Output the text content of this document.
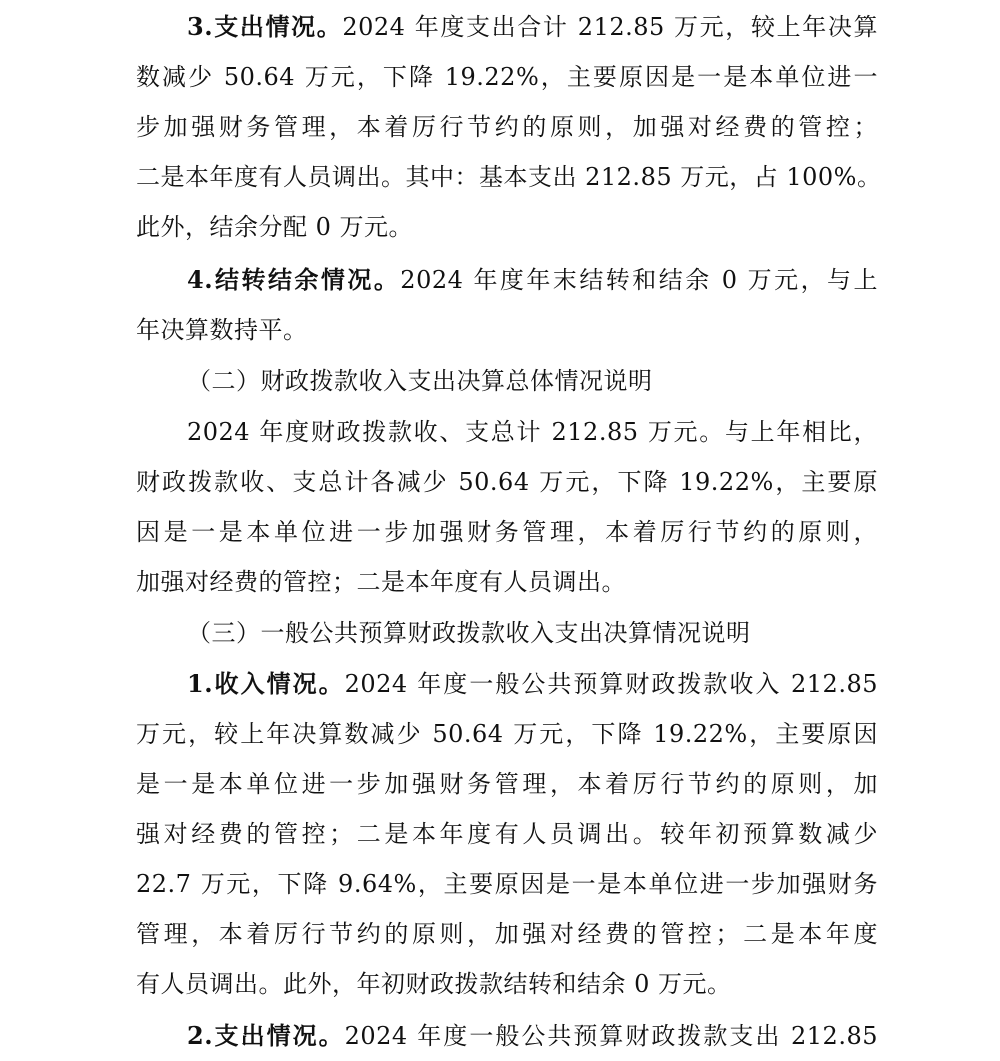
3.支出情况。2024 年度支出合计 212.85 万元，较上年决算
数减少 50.64 万元，下降 19.22%，主要原因是一是本单位进一
步加强财务管理，本着厉行节约的原则，加强对经费的管控；
二是本年度有人员调出。其中：基本支出 212.85 万元，占 100%。
此外，结余分配 0 万元。
4.结转结余情况。2024 年度年末结转和结余 0 万元，与上
年决算数持平。
（二）财政拨款收入支出决算总体情况说明
2024 年度财政拨款收、支总计 212.85 万元。与上年相比，
财政拨款收、支总计各减少 50.64 万元，下降 19.22%，主要原
因是一是本单位进一步加强财务管理，本着厉行节约的原则，
加强对经费的管控；二是本年度有人员调出。
（三）一般公共预算财政拨款收入支出决算情况说明
1.收入情况。2024 年度一般公共预算财政拨款收入 212.85
万元，较上年决算数减少 50.64 万元，下降 19.22%，主要原因
是一是本单位进一步加强财务管理，本着厉行节约的原则，加
强对经费的管控；二是本年度有人员调出。较年初预算数减少
22.7 万元，下降 9.64%，主要原因是一是本单位进一步加强财务
管理，本着厉行节约的原则，加强对经费的管控；二是本年度
有人员调出。此外，年初财政拨款结转和结余 0 万元。
2.支出情况。2024 年度一般公共预算财政拨款支出 212.85
